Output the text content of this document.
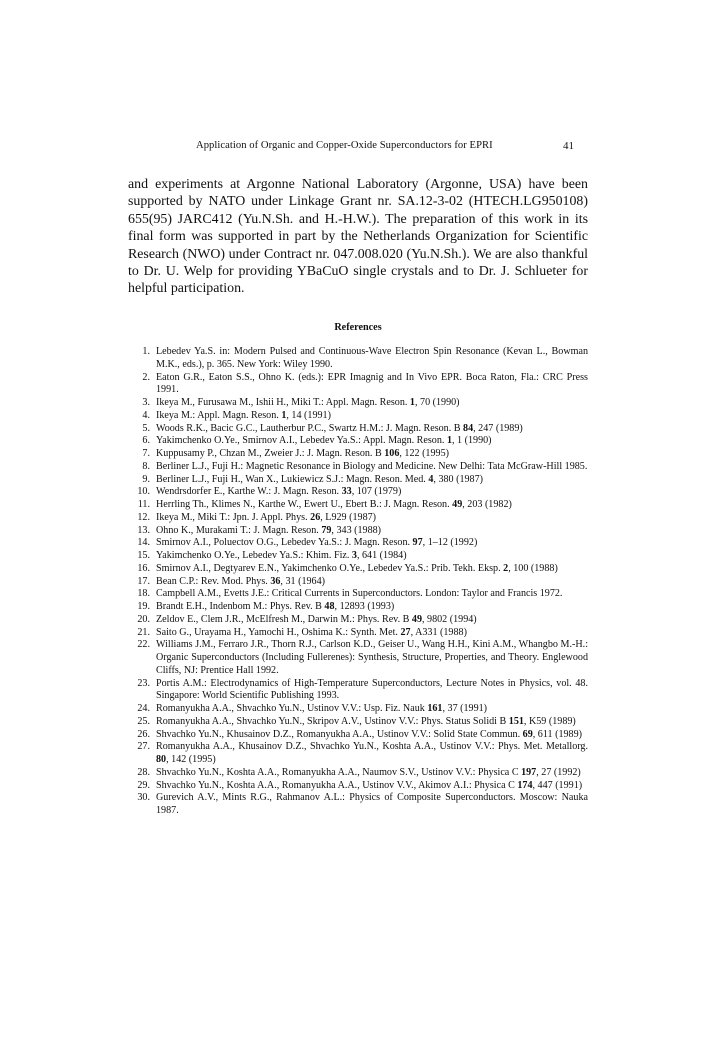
Application of Organic and Copper-Oxide Superconductors for EPRI	41

and experiments at Argonne National Laboratory (Argonne, USA) have been supported by NATO under Linkage Grant nr. SA.12-3-02 (HTECH.LG950108) 655(95) JARC412 (Yu.N.Sh. and H.-H.W.). The preparation of this work in its final form was supported in part by the Netherlands Organization for Scientific Research (NWO) under Contract nr. 047.008.020 (Yu.N.Sh.). We are also thankful to Dr. U. Welp for providing YBaCuO single crystals and to Dr. J. Schlueter for helpful participation.

References
1. Lebedev Ya.S. in: Modern Pulsed and Continuous-Wave Electron Spin Resonance (Kevan L., Bowman M.K., eds.), p. 365. New York: Wiley 1990.
2. Eaton G.R., Eaton S.S., Ohno K. (eds.): EPR Imagnig and In Vivo EPR. Boca Raton, Fla.: CRC Press 1991.
3. Ikeya M., Furusawa M., Ishii H., Miki T.: Appl. Magn. Reson. 1, 70 (1990)
4. Ikeya M.: Appl. Magn. Reson. 1, 14 (1991)
5. Woods R.K., Bacic G.C., Lautherbur P.C., Swartz H.M.: J. Magn. Reson. B 84, 247 (1989)
6. Yakimchenko O.Ye., Smirnov A.I., Lebedev Ya.S.: Appl. Magn. Reson. 1, 1 (1990)
7. Kuppusamy P., Chzan M., Zweier J.: J. Magn. Reson. B 106, 122 (1995)
8. Berliner L.J., Fuji H.: Magnetic Resonance in Biology and Medicine. New Delhi: Tata McGraw-Hill 1985.
9. Berliner L.J., Fuji H., Wan X., Lukiewicz S.J.: Magn. Reson. Med. 4, 380 (1987)
10. Wendrsdorfer E., Karthe W.: J. Magn. Reson. 33, 107 (1979)
11. Herrling Th., Klimes N., Karthe W., Ewert U., Ebert B.: J. Magn. Reson. 49, 203 (1982)
12. Ikeya M., Miki T.: Jpn. J. Appl. Phys. 26, L929 (1987)
13. Ohno K., Murakami T.: J. Magn. Reson. 79, 343 (1988)
14. Smirnov A.I., Poluectov O.G., Lebedev Ya.S.: J. Magn. Reson. 97, 1–12 (1992)
15. Yakimchenko O.Ye., Lebedev Ya.S.: Khim. Fiz. 3, 641 (1984)
16. Smirnov A.I., Degtyarev E.N., Yakimchenko O.Ye., Lebedev Ya.S.: Prib. Tekh. Eksp. 2, 100 (1988)
17. Bean C.P.: Rev. Mod. Phys. 36, 31 (1964)
18. Campbell A.M., Evetts J.E.: Critical Currents in Superconductors. London: Taylor and Francis 1972.
19. Brandt E.H., Indenbom M.: Phys. Rev. B 48, 12893 (1993)
20. Zeldov E., Clem J.R., McElfresh M., Darwin M.: Phys. Rev. B 49, 9802 (1994)
21. Saito G., Urayama H., Yamochi H., Oshima K.: Synth. Met. 27, A331 (1988)
22. Williams J.M., Ferraro J.R., Thorn R.J., Carlson K.D., Geiser U., Wang H.H., Kini A.M., Whangbo M.-H.: Organic Superconductors (Including Fullerenes): Synthesis, Structure, Properties, and Theory. Englewood Cliffs, NJ: Prentice Hall 1992.
23. Portis A.M.: Electrodynamics of High-Temperature Superconductors, Lecture Notes in Physics, vol. 48. Singapore: World Scientific Publishing 1993.
24. Romanyukha A.A., Shvachko Yu.N., Ustinov V.V.: Usp. Fiz. Nauk 161, 37 (1991)
25. Romanyukha A.A., Shvachko Yu.N., Skripov A.V., Ustinov V.V.: Phys. Status Solidi B 151, K59 (1989)
26. Shvachko Yu.N., Khusainov D.Z., Romanyukha A.A., Ustinov V.V.: Solid State Commun. 69, 611 (1989)
27. Romanyukha A.A., Khusainov D.Z., Shvachko Yu.N., Koshta A.A., Ustinov V.V.: Phys. Met. Metallorg. 80, 142 (1995)
28. Shvachko Yu.N., Koshta A.A., Romanyukha A.A., Naumov S.V., Ustinov V.V.: Physica C 197, 27 (1992)
29. Shvachko Yu.N., Koshta A.A., Romanyukha A.A., Ustinov V.V., Akimov A.I.: Physica C 174, 447 (1991)
30. Gurevich A.V., Mints R.G., Rahmanov A.L.: Physics of Composite Superconductors. Moscow: Nauka 1987.
